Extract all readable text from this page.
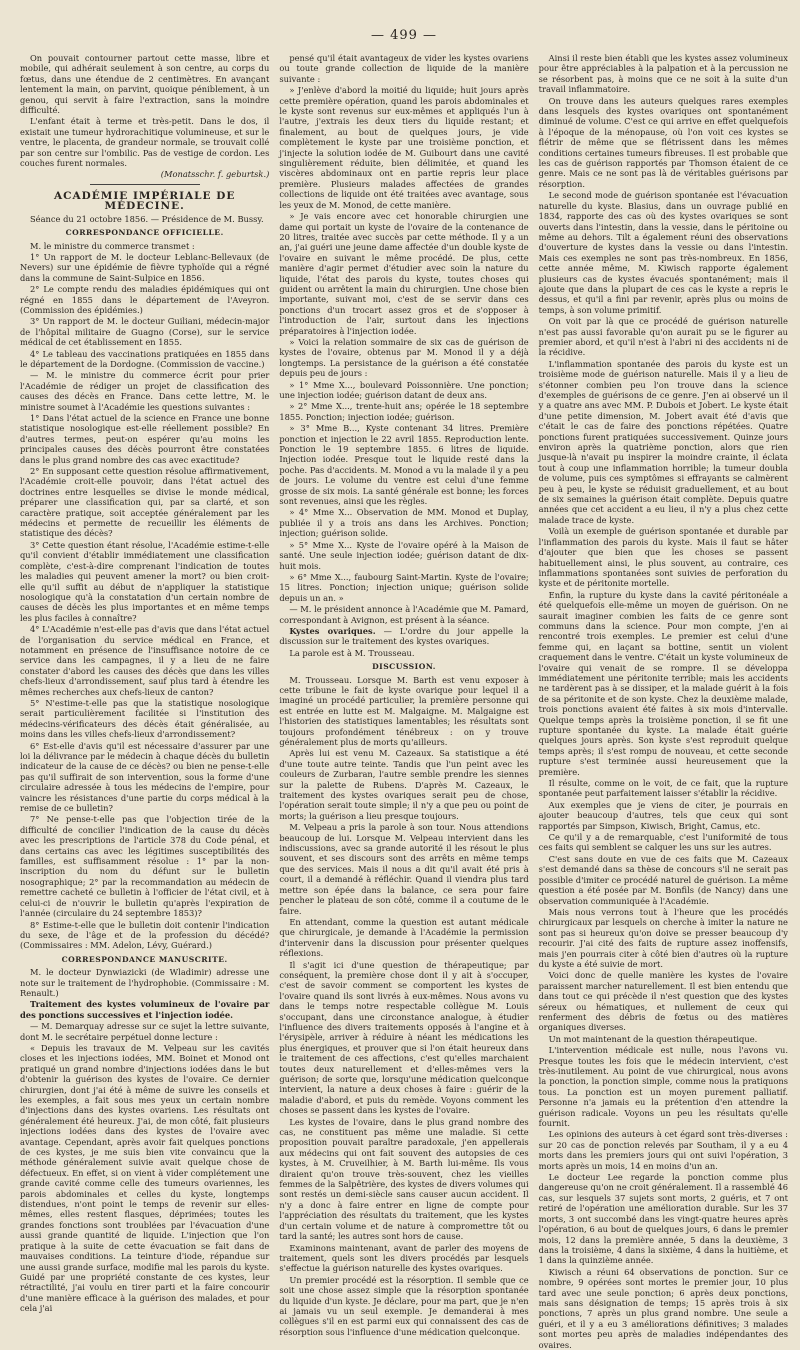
— 499 —

On pouvait contourner partout cette masse, libre et mobile, qui adhérait seulement à son centre, au corps du fœtus, dans une étendue de 2 centimètres. En avançant lentement la main, on parvint, quoique péniblement, à un genou, qui servit à faire l'extraction, sans la moindre difficulté.

L'enfant était à terme et très-petit. Dans le dos, il existait une tumeur hydrorachitique volumineuse, et sur le ventre, le placenta, de grandeur normale, se trouvait collé par son centre sur l'ombilic. Pas de vestige de cordon. Les couches furent normales.

(Monatsschr. f. geburtsk.)
ACADÉMIE IMPÉRIALE DE MÉDECINE.
Séance du 21 octobre 1856. — Présidence de M. Bussy.
CORRESPONDANCE OFFICIELLE.

M. le ministre du commerce transmet :

1° Un rapport de M. le docteur Leblanc-Bellevaux (de Nevers) sur une épidémie de fièvre typhoïde qui a régné dans la commune de Saint-Sulpice en 1856.

2° Le compte rendu des maladies épidémiques qui ont régné en 1855 dans le département de l'Aveyron. (Commission des épidémies.)

3° Un rapport de M. le docteur Guiliani, médecin-major de l'hôpital militaire de Guagno (Corse), sur le service médical de cet établissement en 1855.

4° Le tableau des vaccinations pratiquées en 1855 dans le département de la Dordogne. (Commission de vaccine.)

— M. le ministre du commerce écrit pour prier l'Académie de rédiger un projet de classification des causes des décès en France. Dans cette lettre, M. le ministre soumet à l'Académie les questions suivantes :

1° Dans l'état actuel de la science en France une bonne statistique nosologique est-elle réellement possible? En d'autres termes, peut-on espérer qu'au moins les principales causes des décès pourront être constatées dans le plus grand nombre des cas avec exactitude?

2° En supposant cette question résolue affirmativement, l'Académie croit-elle pouvoir, dans l'état actuel des doctrines entre lesquelles se divise le monde médical, préparer une classification qui, par sa clarté, et son caractère pratique, soit acceptée généralement par les médecins et permette de recueillir les éléments de statistique des décès?

3° Cette question étant résolue, l'Académie estime-t-elle qu'il convient d'établir immédiatement une classification complète, c'est-à-dire comprenant l'indication de toutes les maladies qui peuvent amener la mort? ou bien croit-elle qu'il suffit au début de n'appliquer la statistique nosologique qu'à la constatation d'un certain nombre de causes de décès les plus importantes et en même temps les plus faciles à connaître?

4° L'Académie n'est-elle pas d'avis que dans l'état actuel de l'organisation du service médical en France, et notamment en présence de l'insuffisance notoire de ce service dans les campagnes, il y a lieu de ne faire constater d'abord les causes des décès que dans les villes chefs-lieux d'arrondissement, sauf plus tard à étendre les mêmes recherches aux chefs-lieux de canton?

5° N'estime-t-elle pas que la statistique nosologique serait particulièrement facilitée si l'institution des médecins-vérificateurs des décès était généralisée, au moins dans les villes chefs-lieux d'arrondissement?

6° Est-elle d'avis qu'il est nécessaire d'assurer par une loi la délivrance par le médecin à chaque décès du bulletin indicateur de la cause de ce décès? ou bien ne pense-t-elle pas qu'il suffirait de son intervention, sous la forme d'une circulaire adressée à tous les médecins de l'empire, pour vaincre les résistances d'une partie du corps médical à la remise de ce bulletin?

7° Ne pense-t-elle pas que l'objection tirée de la difficulté de concilier l'indication de la cause du décès avec les prescriptions de l'article 378 du Code pénal, et dans certains cas avec les légitimes susceptibilités des familles, est suffisamment résolue : 1° par la non-inscription du nom du défunt sur le bulletin nosographique; 2° par la recommandation au médecin de remettre cacheté ce bulletin à l'officier de l'état civil, et à celui-ci de n'ouvrir le bulletin qu'après l'expiration de l'année (circulaire du 24 septembre 1853)?

8° Estime-t-elle que le bulletin doit contenir l'indication du sexe, de l'âge et de la profession du décédé? (Commissaires : MM. Adelon, Lévy, Guérard.)

CORRESPONDANCE MANUSCRITE.

M. le docteur Dynwiazicki (de Wladimir) adresse une note sur le traitement de l'hydrophobie. (Commissaire : M. Renault.)

Traitement des kystes volumineux de l'ovaire par des ponctions successives et l'injection iodée.

— M. Demarquay adresse sur ce sujet la lettre suivante, dont M. le secrétaire perpétuel donne lecture :

« Depuis les travaux de M. Velpeau sur les cavités closes et les injections iodées, MM. Boinet et Monod ont pratiqué un grand nombre d'injections iodées dans le but d'obtenir la guérison des kystes de l'ovaire. Ce dernier chirurgien, dont j'ai été à même de suivre les conseils et les exemples, a fait sous mes yeux un certain nombre d'injections dans des kystes ovariens. Les résultats ont généralement été heureux. J'ai, de mon côté, fait plusieurs injections iodées dans des kystes de l'ovaire avec avantage. Cependant, après avoir fait quelques ponctions de ces kystes, je me suis bien vite convaincu que la méthode généralement suivie avait quelque chose de défectueux. En effet, si on vient à vider complétement une grande cavité comme celle des tumeurs ovariennes, les parois abdominales et celles du kyste, longtemps distendues, n'ont point le temps de revenir sur elles-mêmes, elles restent flasques, déprimées; toutes les grandes fonctions sont troublées par l'évacuation d'une aussi grande quantité de liquide. L'injection que l'on pratique à la suite de cette évacuation se fait dans de mauvaises conditions. La teinture d'iode, répandue sur une aussi grande surface, modifie mal les parois du kyste. Guidé par une propriété constante de ces kystes, leur rétractilité, j'ai voulu en tirer parti et la faire concourir d'une manière efficace à la guérison des malades, et pour cela j'ai

pensé qu'il était avantageux de vider les kystes ovariens ou toute grande collection de liquide de la manière suivante :

» J'enlève d'abord la moitié du liquide; huit jours après cette première opération, quand les parois abdominales et le kyste sont revenus sur eux-mêmes et appliqués l'un à l'autre, j'extrais les deux tiers du liquide restant; et finalement, au bout de quelques jours, je vide complètement le kyste par une troisième ponction, et j'injecte la solution iodée de M. Guibourt dans une cavité singulièrement réduite, bien délimitée, et quand les viscères abdominaux ont en partie repris leur place première. Plusieurs malades affectées de grandes collections de liquide ont été traitées avec avantage, sous les yeux de M. Monod, de cette manière.

» Je vais encore avec cet honorable chirurgien une dame qui portait un kyste de l'ovaire de la contenance de 20 litres, traitée avec succès par cette méthode. Il y a un an, j'ai guéri une jeune dame affectée d'un double kyste de l'ovaire en suivant le même procédé. De plus, cette manière d'agir permet d'étudier avec soin la nature du liquide, l'état des parois du kyste, toutes choses qui guident ou arrêtent la main du chirurgien. Une chose bien importante, suivant moi, c'est de se servir dans ces ponctions d'un trocart assez gros et de s'opposer à l'introduction de l'air, surtout dans les injections préparatoires à l'injection iodée.

» Voici la relation sommaire de six cas de guérison de kystes de l'ovaire, obtenus par M. Monod il y a déjà longtemps. La persistance de la guérison a été constatée depuis peu de jours :

» 1° Mme X..., boulevard Poissonnière. Une ponction; une injection iodée; guérison datant de deux ans.

» 2° Mme X..., trente-huit ans; opérée le 18 septembre 1855. Ponction; injection iodée; guérison.

» 3° Mme B..., Kyste contenant 34 litres. Première ponction et injection le 22 avril 1855. Reproduction lente. Ponction le 19 septembre 1855. 6 litres de liquide. Injection iodée. Presque tout le liquide resté dans la poche. Pas d'accidents. M. Monod a vu la malade il y a peu de jours. Le volume du ventre est celui d'une femme grosse de six mois. La santé générale est bonne; les forces sont revenues, ainsi que les règles.

» 4° Mme X... Observation de MM. Monod et Duplay, publiée il y a trois ans dans les Archives. Ponction; injection; guérison solide.

» 5° Mme X... Kyste de l'ovaire opéré à la Maison de santé. Une seule injection iodée; guérison datant de dix-huit mois.

» 6° Mme X..., faubourg Saint-Martin. Kyste de l'ovaire; 15 litres. Ponction; injection unique; guérison solide depuis un an. »

— M. le président annonce à l'Académie que M. Pamard, correspondant à Avignon, est présent à la séance.

Kystes ovariques. — L'ordre du jour appelle la discussion sur le traitement des kystes ovariques.

La parole est à M. Trousseau.

DISCUSSION.

M. Trousseau. Lorsque M. Barth est venu exposer à cette tribune le fait de kyste ovarique pour lequel il a imaginé un procédé particulier, la première personne qui est entrée en lutte est M. Malgaigne. M. Malgaigne est l'historien des statistiques lamentables; les résultats sont toujours profondément ténébreux : on y trouve généralement plus de morts qu'ailleurs.

Après lui est venu M. Cazeaux. Sa statistique a été d'une toute autre teinte. Tandis que l'un peint avec les couleurs de Zurbaran, l'autre semble prendre les siennes sur la palette de Rubens. D'après M. Cazeaux, le traitement des kystes ovariques serait peu de chose, l'opération serait toute simple; il n'y a que peu ou point de morts; la guérison a lieu presque toujours.

M. Velpeau a pris la parole à son tour. Nous attendions beaucoup de lui. Lorsque M. Velpeau intervient dans les indiscussions, avec sa grande autorité il les résout le plus souvent, et ses discours sont des arrêts en même temps que des services. Mais il nous a dit qu'il avait été pris à court, il a demandé à réfléchir. Quand il viendra plus tard mettre son épée dans la balance, ce sera pour faire pencher le plateau de son côté, comme il a coutume de le faire.

En attendant, comme la question est autant médicale que chirurgicale, je demande à l'Académie la permission d'intervenir dans la discussion pour présenter quelques réflexions.

Il s'agit ici d'une question de thérapeutique; par conséquent, la première chose dont il y ait à s'occuper, c'est de savoir comment se comportent les kystes de l'ovaire quand ils sont livrés à eux-mêmes. Nous avons vu dans le temps notre respectable collègue M. Louis s'occupant, dans une circonstance analogue, à étudier l'influence des divers traitements opposés à l'angine et à l'érysipèle, arriver à réduire à néant les médications les plus énergiques, et prouver que si l'on était heureux dans le traitement de ces affections, c'est qu'elles marchaient toutes deux naturellement et d'elles-mêmes vers la guérison; de sorte que, lorsqu'une médication quelconque intervient, la nature a deux choses à faire : guérir de la maladie d'abord, et puis du remède. Voyons comment les choses se passent dans les kystes de l'ovaire.

Les kystes de l'ovaire, dans le plus grand nombre des cas, ne constituent pas même une maladie. Si cette proposition pouvait paraître paradoxale, j'en appellerais aux médecins qui ont fait souvent des autopsies de ces kystes, à M. Cruveilhier, à M. Barth lui-même. Ils vous diraient qu'on trouve très-souvent, chez les vieilles femmes de la Salpêtrière, des kystes de divers volumes qui sont restés un demi-siècle sans causer aucun accident. Il n'y a donc à faire entrer en ligne de compte pour l'appréciation des résultats du traitement, que les kystes d'un certain volume et de nature à compromettre tôt ou tard la santé; les autres sont hors de cause.

Examinons maintenant, avant de parler des moyens de traitement, quels sont les divers procédés par lesquels s'effectue la guérison naturelle des kystes ovariques.

Un premier procédé est la résorption. Il semble que ce soit une chose assez simple que la résorption spontanée du liquide d'un kyste. Je déclare, pour ma part, que je n'en ai jamais vu un seul exemple. Je demanderai à mes collègues s'il en est parmi eux qui connaissent des cas de résorption sous l'influence d'une médication quelconque.

Ainsi il reste bien établi que les kystes assez volumineux pour être appréciables à la palpation et à la percussion ne se résorbent pas, à moins que ce ne soit à la suite d'un travail inflammatoire.

On trouve dans les auteurs quelques rares exemples dans lesquels des kystes ovariques ont spontanément diminué de volume. C'est ce qui arrive en effet quelquefois à l'époque de la ménopause, où l'on voit ces kystes se flétrir de même que se flétrissent dans les mêmes conditions certaines tumeurs fibreuses. Il est probable que les cas de guérison rapportés par Thomson étaient de ce genre. Mais ce ne sont pas là de véritables guérisons par résorption.

Le second mode de guérison spontanée est l'évacuation naturelle du kyste. Blasius, dans un ouvrage publié en 1834, rapporte des cas où des kystes ovariques se sont ouverts dans l'intestin, dans la vessie, dans le péritoine ou même au dehors. Tilt a également réuni des observations d'ouverture de kystes dans la vessie ou dans l'intestin. Mais ces exemples ne sont pas très-nombreux. En 1856, cette année même, M. Kiwisch rapporte également plusieurs cas de kystes évacués spontanément; mais il ajoute que dans la plupart de ces cas le kyste a repris le dessus, et qu'il a fini par revenir, après plus ou moins de temps, à son volume primitif.

On voit par là que ce procédé de guérison naturelle n'est pas aussi favorable qu'on aurait pu se le figurer au premier abord, et qu'il n'est à l'abri ni des accidents ni de la récidive.

L'inflammation spontanée des parois du kyste est un troisième mode de guérison naturelle. Mais il y a lieu de s'étonner combien peu l'on trouve dans la science d'exemples de guérisons de ce genre. J'en ai observé un il y a quatre ans avec MM. P. Dubois et Jobert. Le kyste était d'une petite dimension, M. Jobert avait été d'avis que c'était le cas de faire des ponctions répétées. Quatre ponctions furent pratiquées successivement. Quinze jours environ après la quatrième ponction, alors que rien jusque-là n'avait pu inspirer la moindre crainte, il éclata tout à coup une inflammation horrible; la tumeur doubla de volume, puis ces symptômes si effrayants se calmèrent peu à peu, le kyste se réduisit graduellement, et au bout de six semaines la guérison était complète. Depuis quatre années que cet accident a eu lieu, il n'y a plus chez cette malade trace de kyste.

Voilà un exemple de guérison spontanée et durable par l'inflammation des parois du kyste. Mais il faut se hâter d'ajouter que bien que les choses se passent habituellement ainsi, le plus souvent, au contraire, ces inflammations spontanées sont suivies de perforation du kyste et de péritonite mortelle.

Enfin, la rupture du kyste dans la cavité péritonéale a été quelquefois elle-même un moyen de guérison. On ne saurait imaginer combien les faits de ce genre sont communs dans la science. Pour mon compte, j'en ai rencontré trois exemples. Le premier est celui d'une femme qui, en laçant sa bottine, sentit un violent craquement dans le ventre. C'était un kyste volumineux de l'ovaire qui venait de se rompre. Il se développa immédiatement une péritonite terrible; mais les accidents ne tardèrent pas à se dissiper, et la malade guérit à la fois de sa péritonite et de son kyste. Chez la deuxième malade, trois ponctions avaient été faites à six mois d'intervalle. Quelque temps après la troisième ponction, il se fit une rupture spontanée du kyste. La malade était guérie quelques jours après. Son kyste s'est reproduit quelque temps après; il s'est rompu de nouveau, et cette seconde rupture s'est terminée aussi heureusement que la première.

Il résulte, comme on le voit, de ce fait, que la rupture spontanée peut parfaitement laisser s'établir la récidive.

Aux exemples que je viens de citer, je pourrais en ajouter beaucoup d'autres, tels que ceux qui sont rapportés par Simpson, Kiwisch, Bright, Camus, etc.

Ce qu'il y a de remarquable, c'est l'uniformité de tous ces faits qui semblent se calquer les uns sur les autres.

C'est sans doute en vue de ces faits que M. Cazeaux s'est demandé dans sa thèse de concours s'il ne serait pas possible d'imiter ce procédé naturel de guérison. La même question a été posée par M. Bonfils (de Nancy) dans une observation communiquée à l'Académie.

Mais nous verrons tout à l'heure que les procédés chirurgicaux par lesquels on cherche à imiter la nature ne sont pas si heureux qu'on doive se presser beaucoup d'y recourir. J'ai cité des faits de rupture assez inoffensifs, mais j'en pourrais citer à côté bien d'autres où la rupture du kyste a été suivie de mort.

Voici donc de quelle manière les kystes de l'ovaire paraissent marcher naturellement. Il est bien entendu que dans tout ce qui précède il n'est question que des kystes séreux ou hématiques, et nullement de ceux qui renferment des débris de fœtus ou des matières organiques diverses.

Un mot maintenant de la question thérapeutique.

L'intervention médicale est nulle, nous l'avons vu. Presque toutes les fois que le médecin intervient, c'est très-inutilement. Au point de vue chirurgical, nous avons la ponction, la ponction simple, comme nous la pratiquons tous. La ponction est un moyen purement palliatif. Personne n'a jamais eu la prétention d'en attendre la guérison radicale. Voyons un peu les résultats qu'elle fournit.

Les opinions des auteurs à cet égard sont très-diverses : sur 20 cas de ponction relevés par Southam, il y a eu 4 morts dans les premiers jours qui ont suivi l'opération, 3 morts après un mois, 14 en moins d'un an.

Le docteur Lee regarde la ponction comme plus dangereuse qu'on ne croit généralement. Il a rassemblé 46 cas, sur lesquels 37 sujets sont morts, 2 guéris, et 7 ont retiré de l'opération une amélioration durable. Sur les 37 morts, 3 ont succombé dans les vingt-quatre heures après l'opération, 6 au bout de quelques jours, 6 dans le premier mois, 12 dans la première année, 5 dans la deuxième, 3 dans la troisième, 4 dans la sixième, 4 dans la huitième, et 1 dans la quinzième année.

Kiwisch a réuni 64 observations de ponction. Sur ce nombre, 9 opérées sont mortes le premier jour, 10 plus tard avec une seule ponction; 6 après deux ponctions, mais sans désignation de temps; 15 après trois à six ponctions, 7 après un plus grand nombre. Une seule a guéri, et il y a eu 3 améliorations définitives; 3 malades sont mortes peu après de maladies indépendantes des ovaires.
